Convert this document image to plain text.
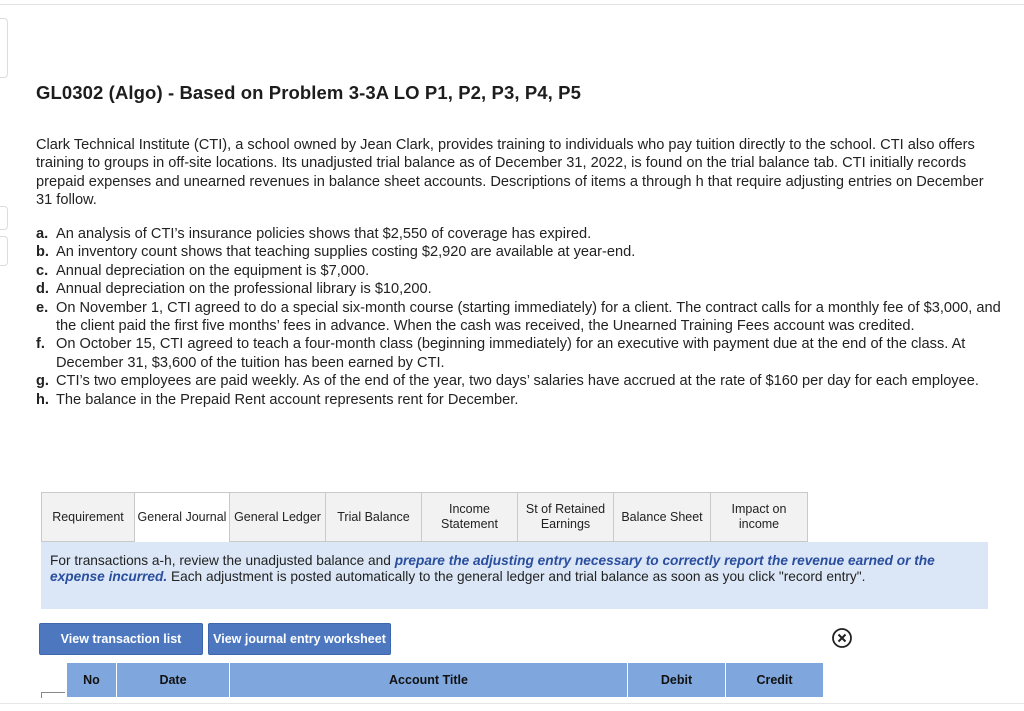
GL0302 (Algo) - Based on Problem 3-3A LO P1, P2, P3, P4, P5
Clark Technical Institute (CTI), a school owned by Jean Clark, provides training to individuals who pay tuition directly to the school. CTI also offers training to groups in off-site locations. Its unadjusted trial balance as of December 31, 2022, is found on the trial balance tab. CTI initially records prepaid expenses and unearned revenues in balance sheet accounts. Descriptions of items a through h that require adjusting entries on December 31 follow.
a. An analysis of CTI’s insurance policies shows that $2,550 of coverage has expired.
b. An inventory count shows that teaching supplies costing $2,920 are available at year-end.
c. Annual depreciation on the equipment is $7,000.
d. Annual depreciation on the professional library is $10,200.
e. On November 1, CTI agreed to do a special six-month course (starting immediately) for a client. The contract calls for a monthly fee of $3,000, and the client paid the first five months’ fees in advance. When the cash was received, the Unearned Training Fees account was credited.
f. On October 15, CTI agreed to teach a four-month class (beginning immediately) for an executive with payment due at the end of the class. At December 31, $3,600 of the tuition has been earned by CTI.
g. CTI’s two employees are paid weekly. As of the end of the year, two days’ salaries have accrued at the rate of $160 per day for each employee.
h. The balance in the Prepaid Rent account represents rent for December.
Requirement	General Journal General Ledger	Trial Balance
Income Statement
St of Retained Earnings
Balance Sheet
Impact on income
For transactions a-h, review the unadjusted balance and prepare the adjusting entry necessary to correctly report the revenue earned or the expense incurred. Each adjustment is posted automatically to the general ledger and trial balance as soon as you click "record entry".
View transaction list	View journal entry worksheet
No	Date	Account Title	Debit	Credit
